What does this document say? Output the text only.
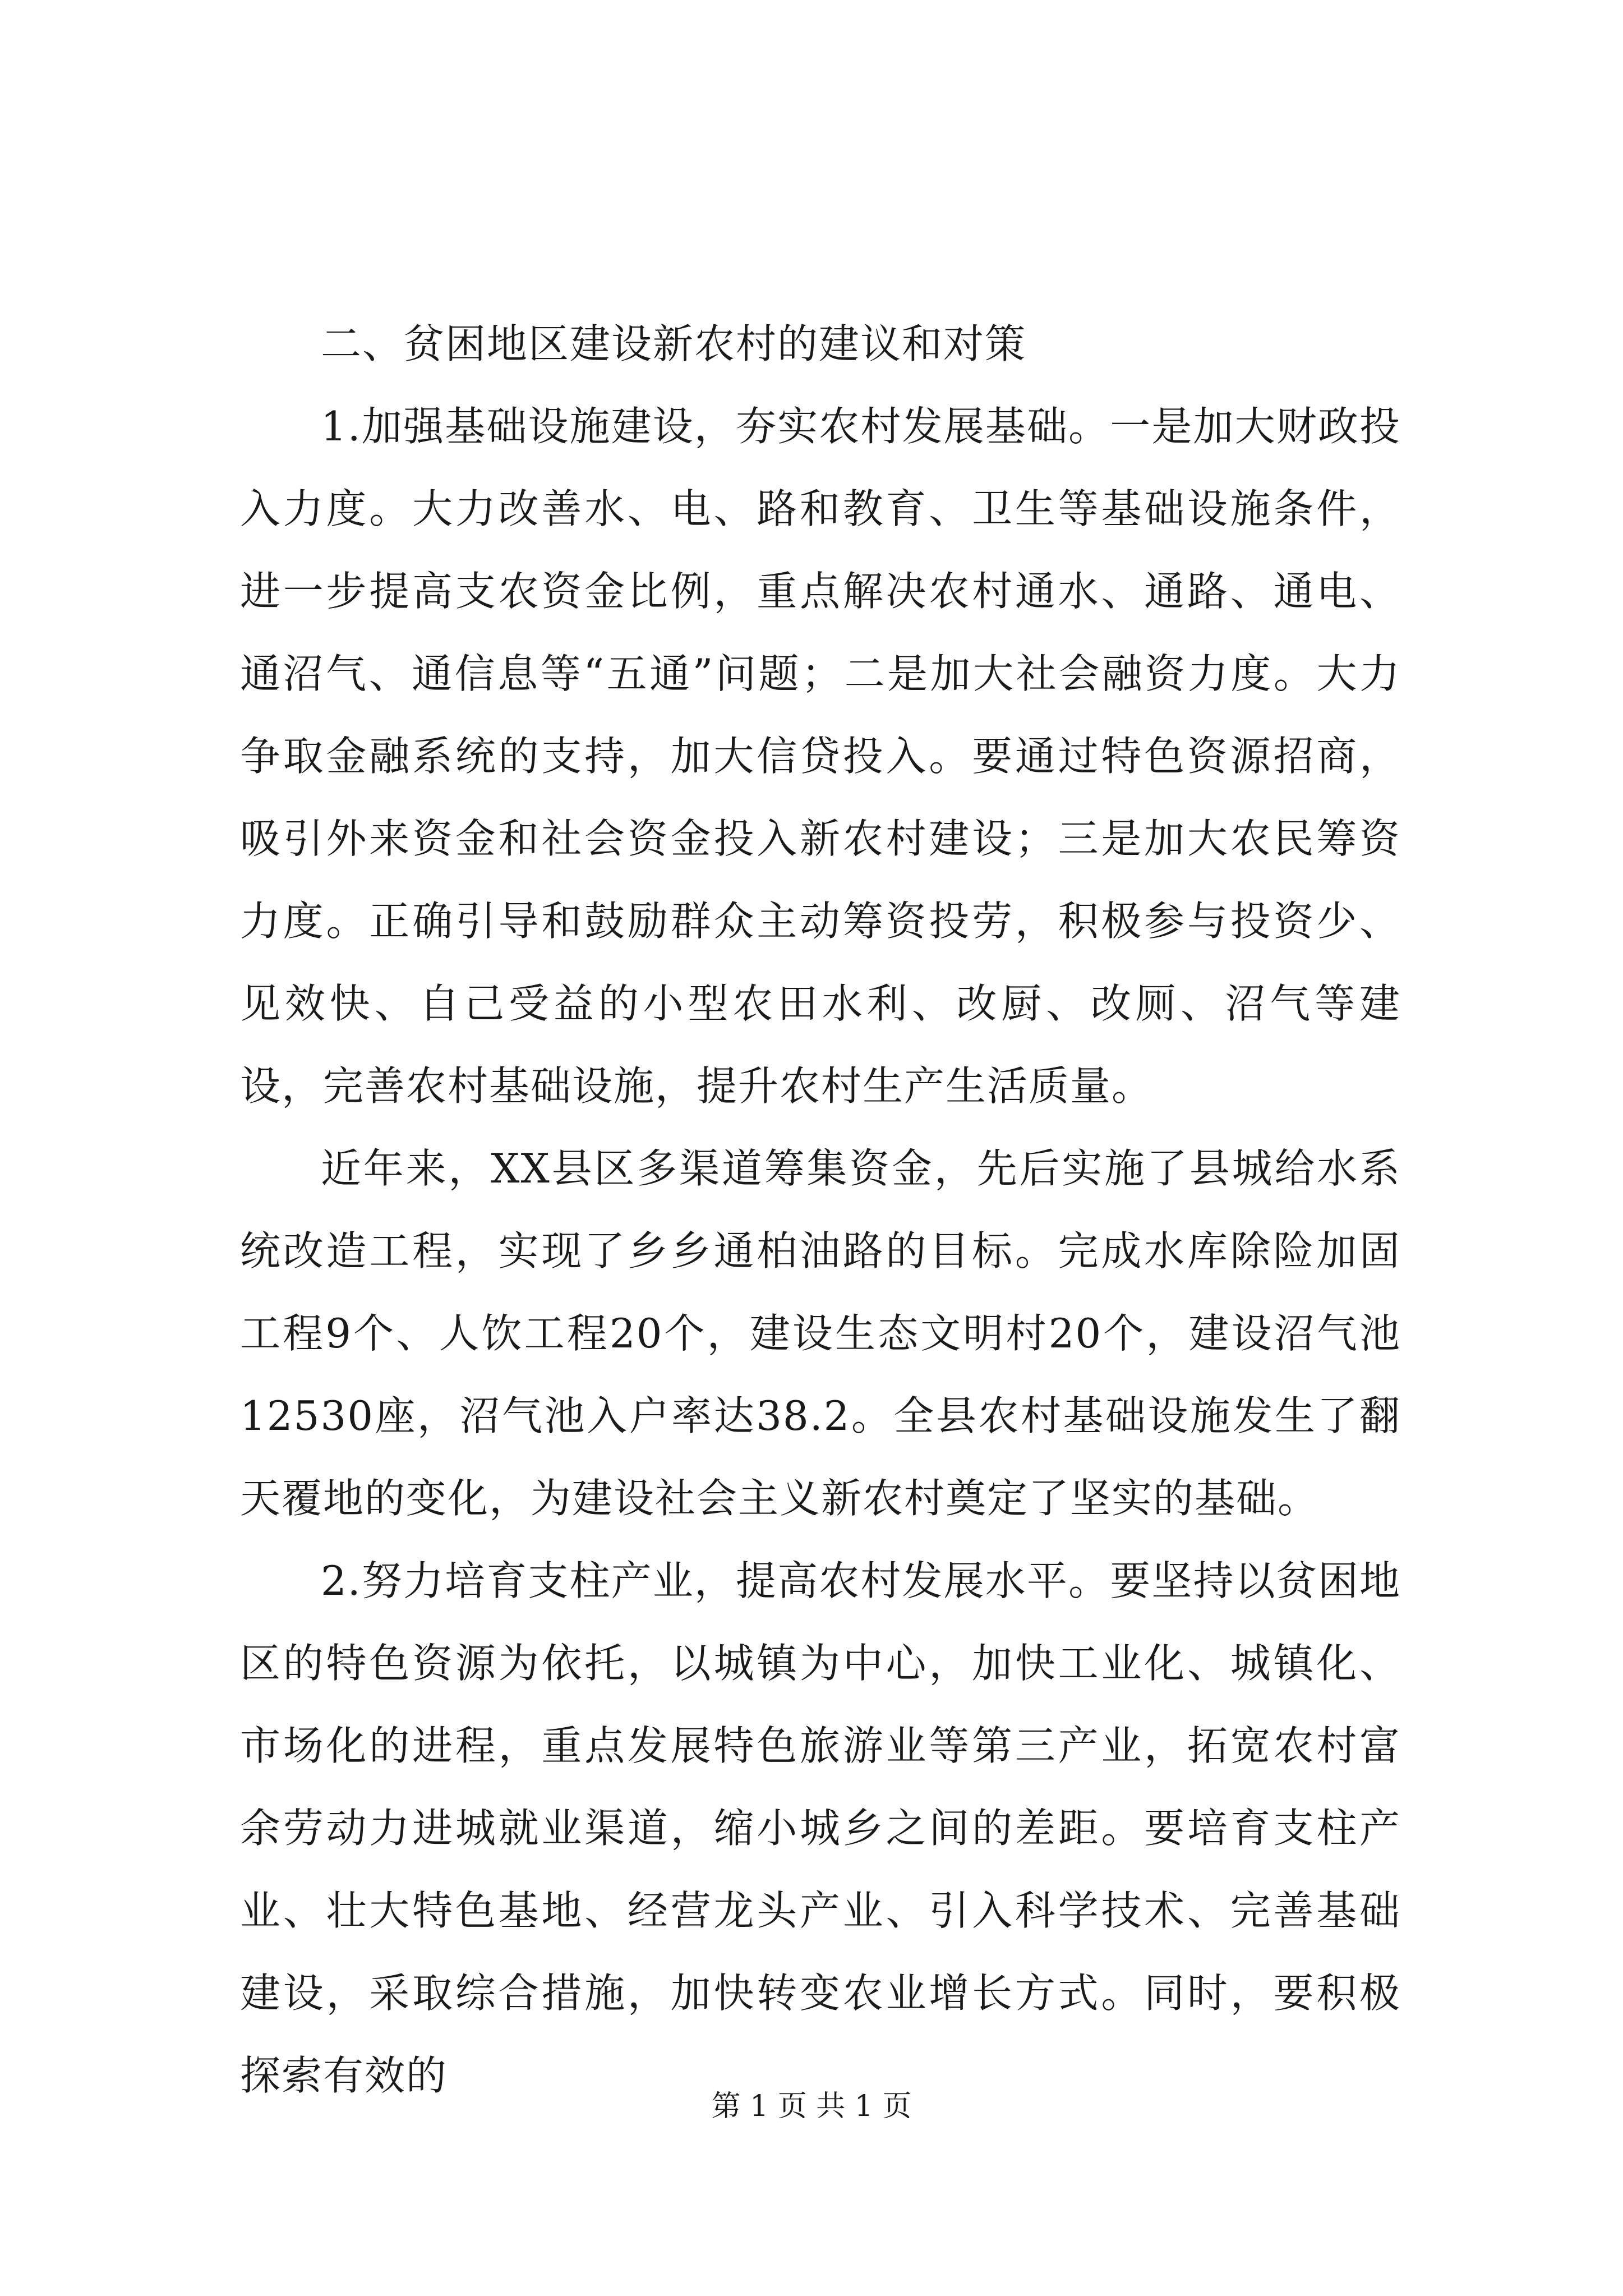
二、贫困地区建设新农村的建议和对策

1.加强基础设施建设，夯实农村发展基础。一是加大财政投入力度。大力改善水、电、路和教育、卫生等基础设施条件，进一步提高支农资金比例，重点解决农村通水、通路、通电、通沼气、通信息等“五通”问题；二是加大社会融资力度。大力争取金融系统的支持，加大信贷投入。要通过特色资源招商，吸引外来资金和社会资金投入新农村建设；三是加大农民筹资力度。正确引导和鼓励群众主动筹资投劳，积极参与投资少、见效快、自己受益的小型农田水利、改厨、改厕、沼气等建设，完善农村基础设施，提升农村生产生活质量。

近年来，XX县区多渠道筹集资金，先后实施了县城给水系统改造工程，实现了乡乡通柏油路的目标。完成水库除险加固工程9个、人饮工程20个，建设生态文明村20个，建设沼气池12530座，沼气池入户率达38.2。全县农村基础设施发生了翻天覆地的变化，为建设社会主义新农村奠定了坚实的基础。

2.努力培育支柱产业，提高农村发展水平。要坚持以贫困地区的特色资源为依托，以城镇为中心，加快工业化、城镇化、市场化的进程，重点发展特色旅游业等第三产业，拓宽农村富余劳动力进城就业渠道，缩小城乡之间的差距。要培育支柱产业、壮大特色基地、经营龙头产业、引入科学技术、完善基础建设，采取综合措施，加快转变农业增长方式。同时，要积极探索有效的

第 1 页 共 1 页
